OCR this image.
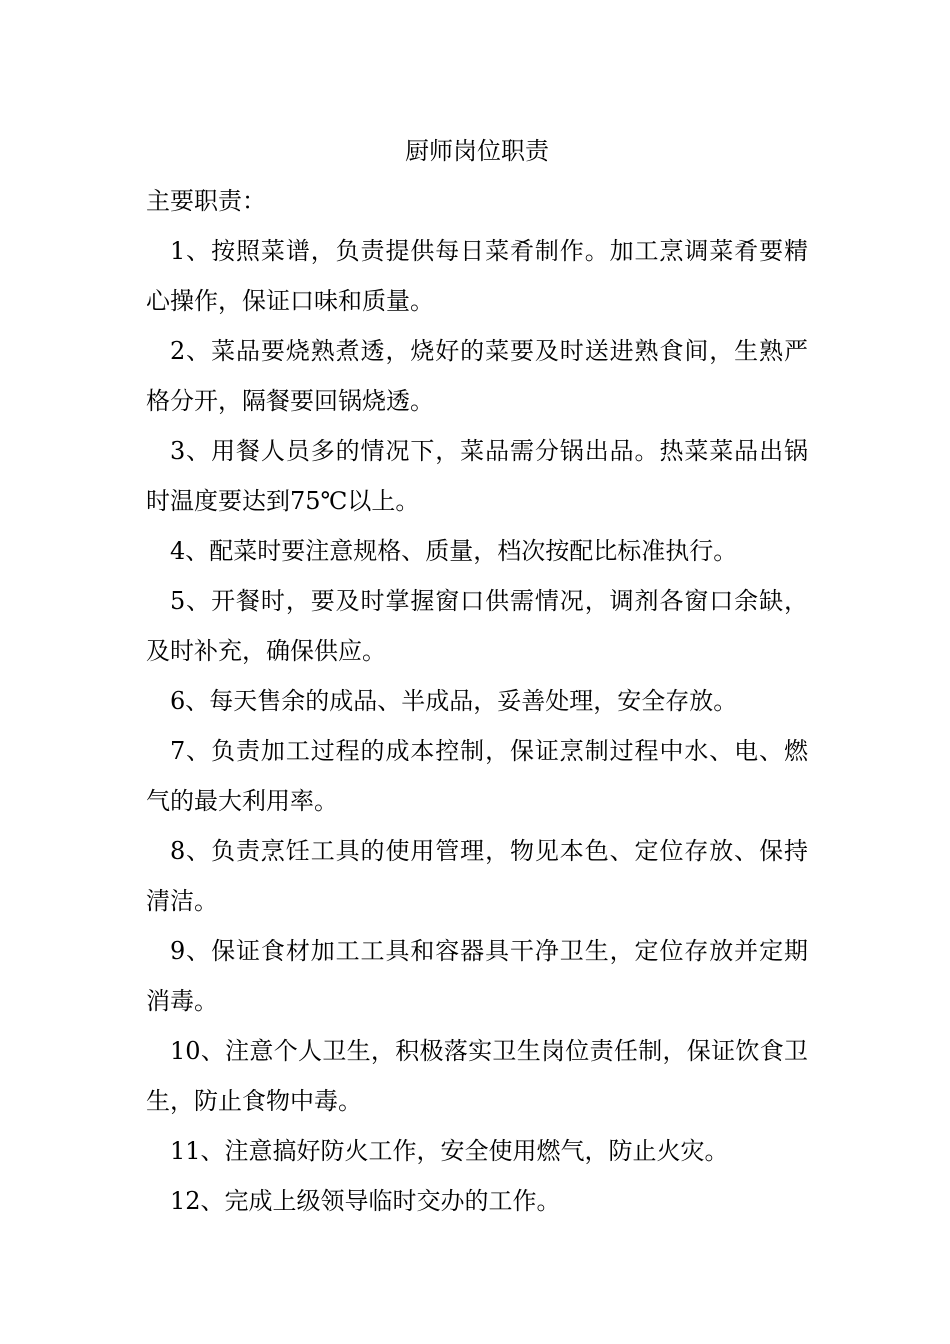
厨师岗位职责

主要职责：

1、按照菜谱，负责提供每日菜肴制作。加工烹调菜肴要精心操作，保证口味和质量。

2、菜品要烧熟煮透，烧好的菜要及时送进熟食间，生熟严格分开，隔餐要回锅烧透。

3、用餐人员多的情况下，菜品需分锅出品。热菜菜品出锅时温度要达到75℃以上。

4、配菜时要注意规格、质量，档次按配比标准执行。

5、开餐时，要及时掌握窗口供需情况，调剂各窗口余缺，及时补充，确保供应。

6、每天售余的成品、半成品，妥善处理，安全存放。

7、负责加工过程的成本控制，保证烹制过程中水、电、燃气的最大利用率。

8、负责烹饪工具的使用管理，物见本色、定位存放、保持清洁。

9、保证食材加工工具和容器具干净卫生，定位存放并定期消毒。

10、注意个人卫生，积极落实卫生岗位责任制，保证饮食卫生，防止食物中毒。

11、注意搞好防火工作，安全使用燃气，防止火灾。

12、完成上级领导临时交办的工作。
